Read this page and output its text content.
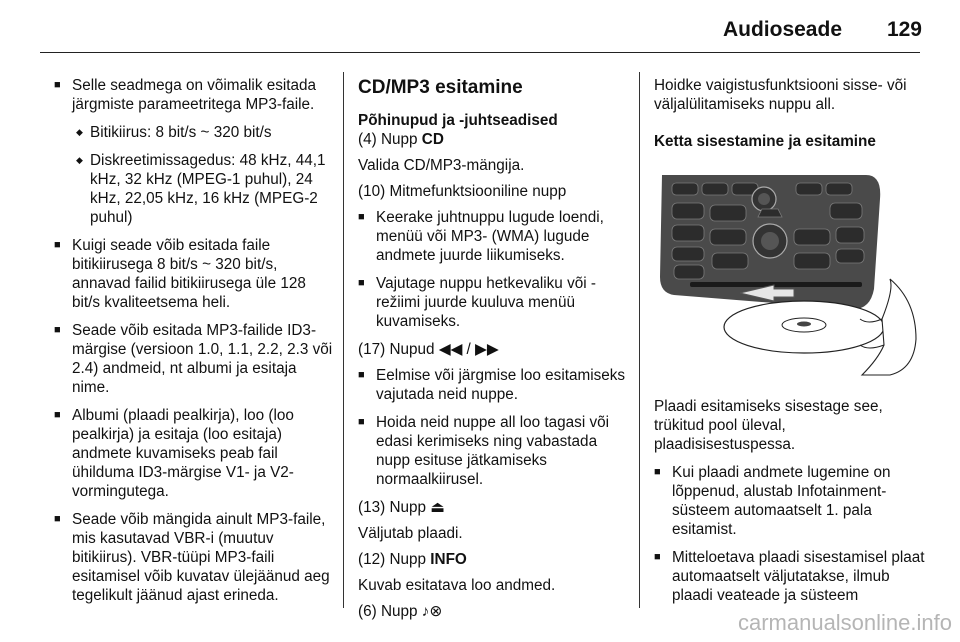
Audioseade 129
■ Selle seadmega on võimalik esitada järgmiste parameetritega MP3-faile.
◆ Bitikiirus: 8 bit/s ~ 320 bit/s
◆ Diskreetimissagedus: 48 kHz, 44,1 kHz, 32 kHz (MPEG-1 puhul), 24 kHz, 22,05 kHz, 16 kHz (MPEG-2 puhul)
■ Kuigi seade võib esitada faile bitikiirusega 8 bit/s ~ 320 bit/s, annavad failid bitikiirusega üle 128 bit/s kvaliteetsema heli.
■ Seade võib esitada MP3-failide ID3-märgise (versioon 1.0, 1.1, 2.2, 2.3 või 2.4) andmeid, nt albumi ja esitaja nime.
■ Albumi (plaadi pealkirja), loo (loo pealkirja) ja esitaja (loo esitaja) andmete kuvamiseks peab fail ühilduma ID3-märgise V1- ja V2-vormingutega.
■ Seade võib mängida ainult MP3-faile, mis kasutavad VBR-i (muutuv bitikiirus). VBR-tüüpi MP3-faili esitamisel võib kuvatav ülejäänud aeg tegelikult jäänud ajast erineda.
CD/MP3 esitamine
Põhinupud ja -juhtseadised
(4) Nupp CD
Valida CD/MP3-mängija.
(10) Mitmefunktsiooniline nupp
■ Keerake juhtnuppu lugude loendi, menüü või MP3- (WMA) lugude andmete juurde liikumiseks.
■ Vajutage nuppu hetkevaliku või -režiimi juurde kuuluva menüü kuvamiseks.
(17) Nupud ◀◀ / ▶▶
■ Eelmise või järgmise loo esitamiseks vajutada neid nuppe.
■ Hoida neid nuppe all loo tagasi või edasi kerimiseks ning vabastada nupp esituse jätkamiseks normaalkiirusel.
(13) Nupp ⏏
Väljutab plaadi.
(12) Nupp INFO
Kuvab esitatava loo andmed.
(6) Nupp ♪⊗
Hoidke vaigistusfunktsiooni sisse- või väljalülitamiseks nuppu all.
Ketta sisestamine ja esitamine
Plaadi esitamiseks sisestage see, trükitud pool üleval, plaadisisestuspessa.
■ Kui plaadi andmete lugemine on lõppenud, alustab Infotainment-süsteem automaatselt 1. pala esitamist.
■ Mitteloetava plaadi sisestamisel plaat automaatselt väljutatakse, ilmub plaadi veateade ja süsteem
carmanualsonline.info
